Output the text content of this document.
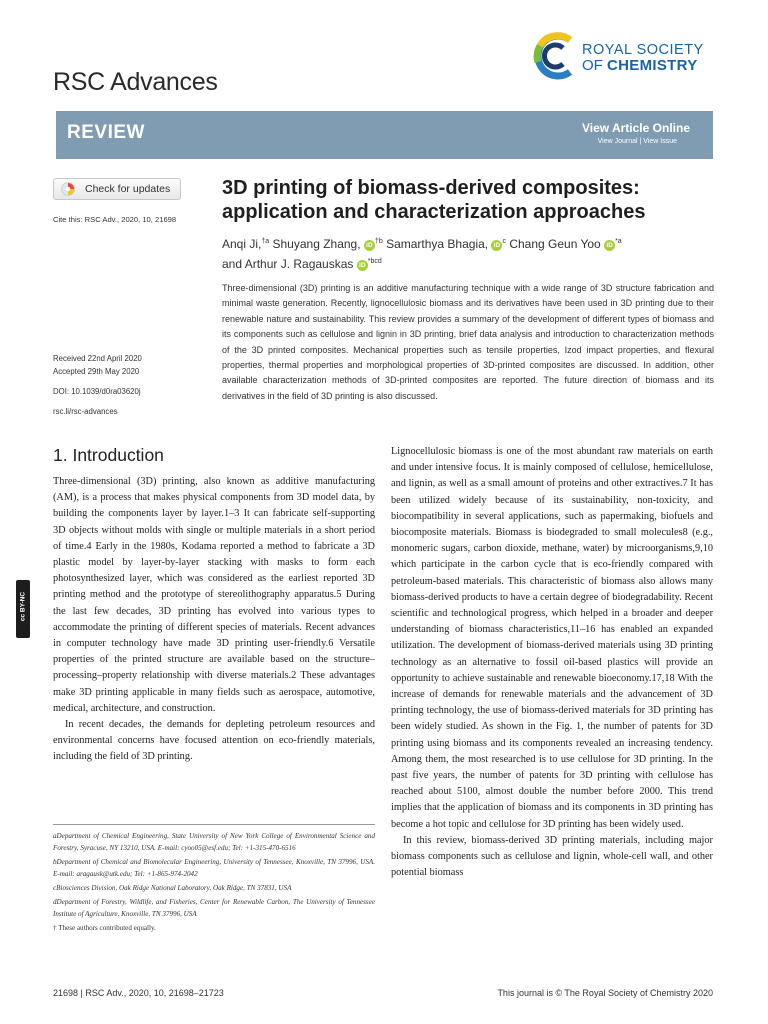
RSC Advances
ROYAL SOCIETY
OF CHEMISTRY
REVIEW	View Article Online
View Journal | View Issue
Check for updates
Cite this: RSC Adv., 2020, 10, 21698
3D printing of biomass-derived composites: application and characterization approaches
Anqi Ji,$^{\dagger a}$ Shuyang Zhang, $iD^{\dagger b}$ Samarthya Bhagia, $iD^c$ Chang Geun Yoo $iD^{*a}$
and Arthur J. Ragauskas $iD^{*bcd}$
Received 22nd April 2020
Accepted 29th May 2020
DOI: 10.1039/d0ra03620j
rsc.li/rsc-advances
Three-dimensional (3D) printing is an additive manufacturing technique with a wide range of 3D structure fabrication and minimal waste generation. Recently, lignocellulosic biomass and its derivatives have been used in 3D printing due to their renewable nature and sustainability. This review provides a summary of the development of different types of biomass and its components such as cellulose and lignin in 3D printing, brief data analysis and introduction to characterization methods of the 3D printed composites. Mechanical properties such as tensile properties, Izod impact properties, and flexural properties, thermal properties and morphological properties of 3D-printed composites are discussed. In addition, other available characterization methods of 3D-printed composites are reported. The future direction of biomass and its derivatives in the field of 3D printing is also discussed.
1. Introduction

Three-dimensional (3D) printing, also known as additive manufacturing (AM), is a process that makes physical components from 3D model data, by building the components layer by layer.1–3 It can fabricate self-supporting 3D objects without molds with single or multiple materials in a short period of time.4 Early in the 1980s, Kodama reported a method to fabricate a 3D plastic model by layer-by-layer stacking with masks to form each photosynthesized layer, which was considered as the earliest reported 3D printing method and the prototype of stereolithography apparatus.5 During the last few decades, 3D printing has evolved into various types to accommodate the printing of different species of materials. Recent advances in computer technology have made 3D printing user-friendly.6 Versatile properties of the printed structure are available based on the structure–processing–property relationship with diverse materials.2 These advantages make 3D printing applicable in many fields such as aerospace, automotive, medical, architecture, and construction.

In recent decades, the demands for depleting petroleum resources and environmental concerns have focused attention on eco-friendly materials, including the field of 3D printing.

Lignocellulosic biomass is one of the most abundant raw materials on earth and under intensive focus. It is mainly composed of cellulose, hemicellulose, and lignin, as well as a small amount of proteins and other extractives.7 It has been utilized widely because of its sustainability, non-toxicity, and biocompatibility in several applications, such as papermaking, biofuels and biocomposite materials. Biomass is biodegraded to small molecules8 (e.g., monomeric sugars, carbon dioxide, methane, water) by microorganisms,9,10 which participate in the carbon cycle that is eco-friendly compared with petroleum-based materials. This characteristic of biomass also allows many biomass-derived products to have a certain degree of biodegradability. Recent scientific and technological progress, which helped in a broader and deeper understanding of biomass characteristics,11–16 has enabled an expanded utilization. The development of biomass-derived materials using 3D printing technology as an alternative to fossil oil-based plastics will provide an opportunity to achieve sustainable and renewable bioeconomy.17,18 With the increase of demands for renewable materials and the advancement of 3D printing technology, the use of biomass-derived materials for 3D printing has been widely studied. As shown in the Fig. 1, the number of patents for 3D printing using biomass and its components revealed an increasing tendency. Among them, the most researched is to use cellulose for 3D printing. In the past five years, the number of patents for 3D printing with cellulose has reached about 5100, almost double the number before 2000. This trend implies that the application of biomass and its components in 3D printing has become a hot topic and cellulose for 3D printing has been widely used.

In this review, biomass-derived 3D printing materials, including major biomass components such as cellulose and lignin, whole-cell wall, and other potential biomass

aDepartment of Chemical Engineering, State University of New York College of Environmental Science and Forestry, Syracuse, NY 13210, USA. E-mail: cyoo05@esf.edu; Tel: +1-315-470-6516
bDepartment of Chemical and Biomolecular Engineering, University of Tennessee, Knoxville, TN 37996, USA. E-mail: aragausk@utk.edu; Tel: +1-865-974-2042
cBiosciences Division, Oak Ridge National Laboratory, Oak Ridge, TN 37831, USA
dDepartment of Forestry, Wildlife, and Fisheries, Center for Renewable Carbon, The University of Tennessee Institute of Agriculture, Knoxville, TN 37996, USA
† These authors contributed equally.
cc BY-NC
21698 | RSC Adv., 2020, 10, 21698–21723	This journal is © The Royal Society of Chemistry 2020
